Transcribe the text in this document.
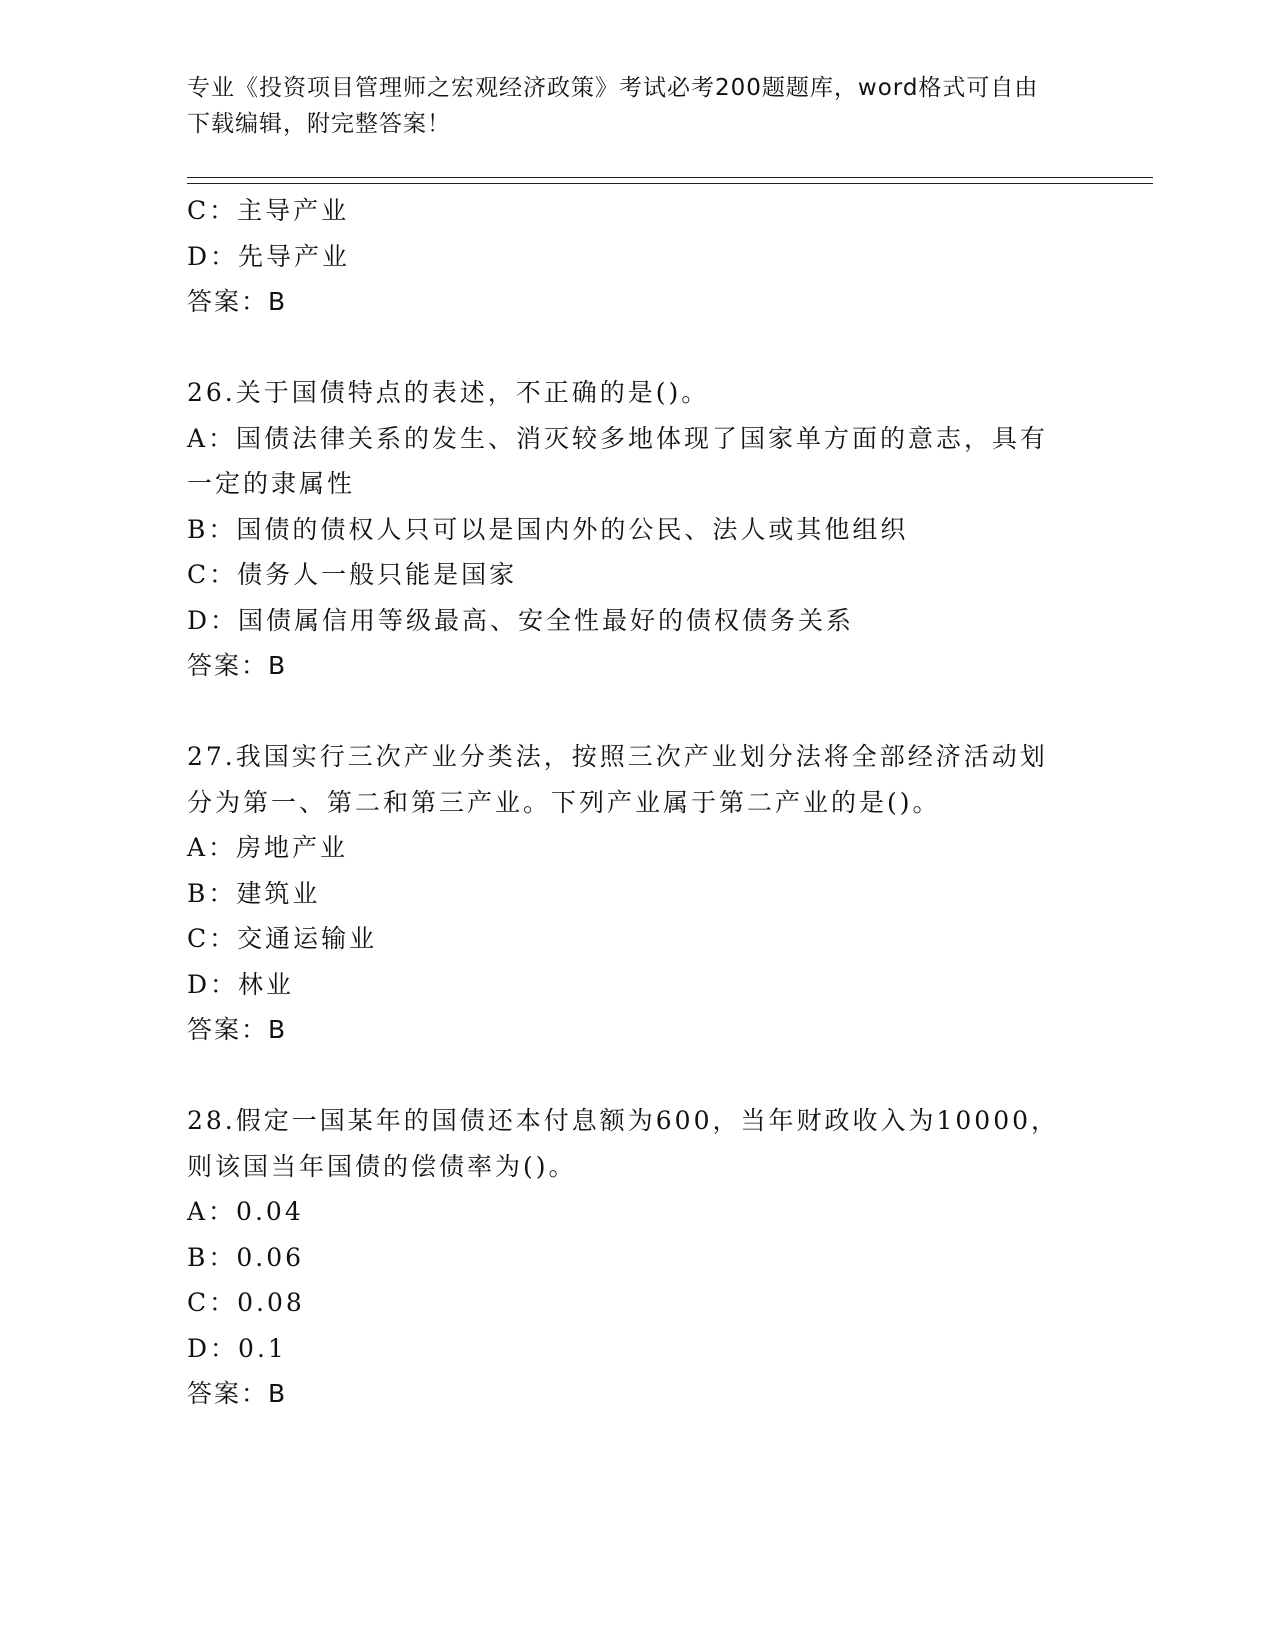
专业《投资项目管理师之宏观经济政策》考试必考200题题库，word格式可自由
下载编辑，附完整答案！
C：主导产业
D：先导产业
答案：B
26.关于国债特点的表述，不正确的是()。
A：国债法律关系的发生、消灭较多地体现了国家单方面的意志，具有
一定的隶属性
B：国债的债权人只可以是国内外的公民、法人或其他组织
C：债务人一般只能是国家
D：国债属信用等级最高、安全性最好的债权债务关系
答案：B
27.我国实行三次产业分类法，按照三次产业划分法将全部经济活动划
分为第一、第二和第三产业。下列产业属于第二产业的是()。
A：房地产业
B：建筑业
C：交通运输业
D：林业
答案：B
28.假定一国某年的国债还本付息额为600，当年财政收入为10000，
则该国当年国债的偿债率为()。
A：0.04
B：0.06
C：0.08
D：0.1
答案：B
